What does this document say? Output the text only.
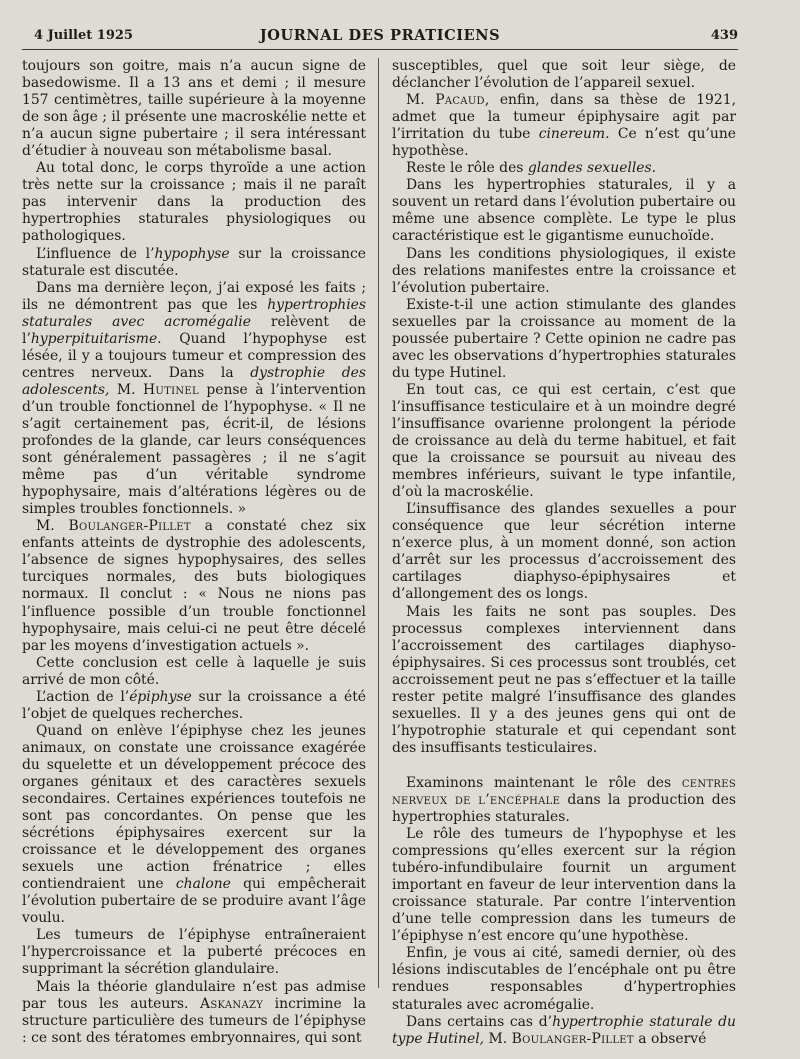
4 Juillet 1925	JOURNAL DES PRATICIENS	439

toujours son goitre, mais n’a aucun signe de basedowisme. Il a 13 ans et demi ; il mesure 157 centimètres, taille supérieure à la moyenne de son âge ; il présente une macroskélie nette et n’a aucun signe pubertaire ; il sera intéressant d’étudier à nouveau son métabolisme basal.

Au total donc, le corps thyroïde a une action très nette sur la croissance ; mais il ne paraît pas intervenir dans la production des hypertrophies staturales physiologiques ou pathologiques.

L’influence de l’hypophyse sur la croissance staturale est discutée.

Dans ma dernière leçon, j’ai exposé les faits ; ils ne démontrent pas que les hypertrophies staturales avec acromégalie relèvent de l’hyperpituitarisme. Quand l’hypophyse est lésée, il y a toujours tumeur et compression des centres nerveux. Dans la dystrophie des adolescents, M. Hutinel pense à l’intervention d’un trouble fonctionnel de l’hypophyse. « Il ne s’agit certainement pas, écrit-il, de lésions profondes de la glande, car leurs conséquences sont généralement passagères ; il ne s’agit même pas d’un véritable syndrome hypophysaire, mais d’altérations légères ou de simples troubles fonctionnels. »

M. Boulanger-Pillet a constaté chez six enfants atteints de dystrophie des adolescents, l’absence de signes hypophysaires, des selles turciques normales, des buts biologiques normaux. Il conclut : « Nous ne nions pas l’influence possible d’un trouble fonctionnel hypophysaire, mais celui-ci ne peut être décelé par les moyens d’investigation actuels ».

Cette conclusion est celle à laquelle je suis arrivé de mon côté.

L’action de l’épiphyse sur la croissance a été l’objet de quelques recherches.

Quand on enlève l’épiphyse chez les jeunes animaux, on constate une croissance exagérée du squelette et un développement précoce des organes génitaux et des caractères sexuels secondaires. Certaines expériences toutefois ne sont pas concordantes. On pense que les sécrétions épiphysaires exercent sur la croissance et le développement des organes sexuels une action frénatrice ; elles contiendraient une chalone qui empêcherait l’évolution pubertaire de se produire avant l’âge voulu.

Les tumeurs de l’épiphyse entraîneraient l’hypercroissance et la puberté précoces en supprimant la sécrétion glandulaire.

Mais la théorie glandulaire n’est pas admise par tous les auteurs. Askanazy incrimine la structure particulière des tumeurs de l’épiphyse : ce sont des tératomes embryonnaires, qui sont

susceptibles, quel que soit leur siège, de déclancher l’évolution de l’appareil sexuel.

M. Pacaud, enfin, dans sa thèse de 1921, admet que la tumeur épiphysaire agit par l’irritation du tube cinereum. Ce n’est qu’une hypothèse.

Reste le rôle des glandes sexuelles.

Dans les hypertrophies staturales, il y a souvent un retard dans l’évolution pubertaire ou même une absence complète. Le type le plus caractéristique est le gigantisme eunuchoïde.

Dans les conditions physiologiques, il existe des relations manifestes entre la croissance et l’évolution pubertaire.

Existe-t-il une action stimulante des glandes sexuelles par la croissance au moment de la poussée pubertaire ? Cette opinion ne cadre pas avec les observations d’hypertrophies staturales du type Hutinel.

En tout cas, ce qui est certain, c’est que l’insuffisance testiculaire et à un moindre degré l’insuffisance ovarienne prolongent la période de croissance au delà du terme habituel, et fait que la croissance se poursuit au niveau des membres inférieurs, suivant le type infantile, d’où la macroskélie.

L’insuffisance des glandes sexuelles a pour conséquence que leur sécrétion interne n’exerce plus, à un moment donné, son action d’arrêt sur les processus d’accroissement des cartilages diaphyso-épiphysaires et d’allongement des os longs.

Mais les faits ne sont pas souples. Des processus complexes interviennent dans l’accroissement des cartilages diaphyso-épiphysaires. Si ces processus sont troublés, cet accroissement peut ne pas s’effectuer et la taille rester petite malgré l’insuffisance des glandes sexuelles. Il y a des jeunes gens qui ont de l’hypotrophie staturale et qui cependant sont des insuffisants testiculaires.

Examinons maintenant le rôle des centres nerveux de l’encéphale dans la production des hypertrophies staturales.

Le rôle des tumeurs de l’hypophyse et les compressions qu’elles exercent sur la région tubéro-infundibulaire fournit un argument important en faveur de leur intervention dans la croissance staturale. Par contre l’intervention d’une telle compression dans les tumeurs de l’épiphyse n’est encore qu’une hypothèse.

Enfin, je vous ai cité, samedi dernier, où des lésions indiscutables de l’encéphale ont pu être rendues responsables d’hypertrophies staturales avec acromégalie.

Dans certains cas d’hypertrophie staturale du type Hutinel, M. Boulanger-Pillet a observé
